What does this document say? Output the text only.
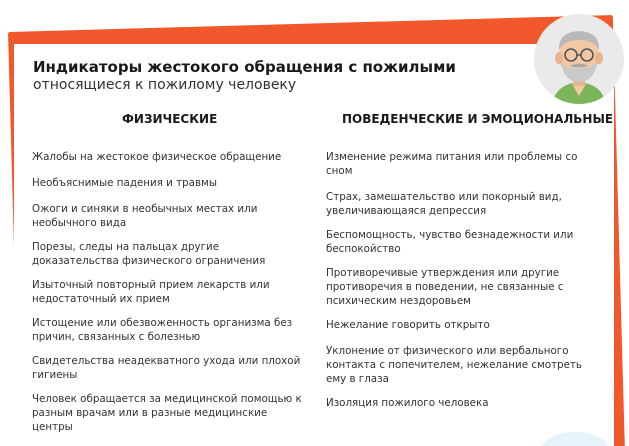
Индикаторы жестокого обращения с пожилыми
относящиеся к пожилому человеку
ФИЗИЧЕСКИЕ	ПОВЕДЕНЧЕСКИЕ И ЭМОЦИОНАЛЬНЫЕ
Жалобы на жестокое физическое обращение
Необъяснимые падения и травмы
Ожоги и синяки в необычных местах или необычного вида
Порезы, следы на пальцах другие доказательства физического ограничения
Изыточный повторный прием лекарств или недостаточный их прием
Истощение или обезвоженность организма без причин, связанных с болезнью
Свидетельства неадекватного ухода или плохой гигиены
Человек обращается за медицинской помощью к разным врачам или в разные медицинские центры
Изменение режима питания или проблемы со сном
Страх, замешательство или покорный вид, увеличивающаяся депрессия
Беспомощность, чувство безнадежности или беспокойство
Противоречивые утверждения или другие противоречия в поведении, не связанные с психическим нездоровьем
Нежелание говорить открыто
Уклонение от физического или вербального контакта с попечителем, нежелание смотреть ему в глаза
Изоляция пожилого человека
